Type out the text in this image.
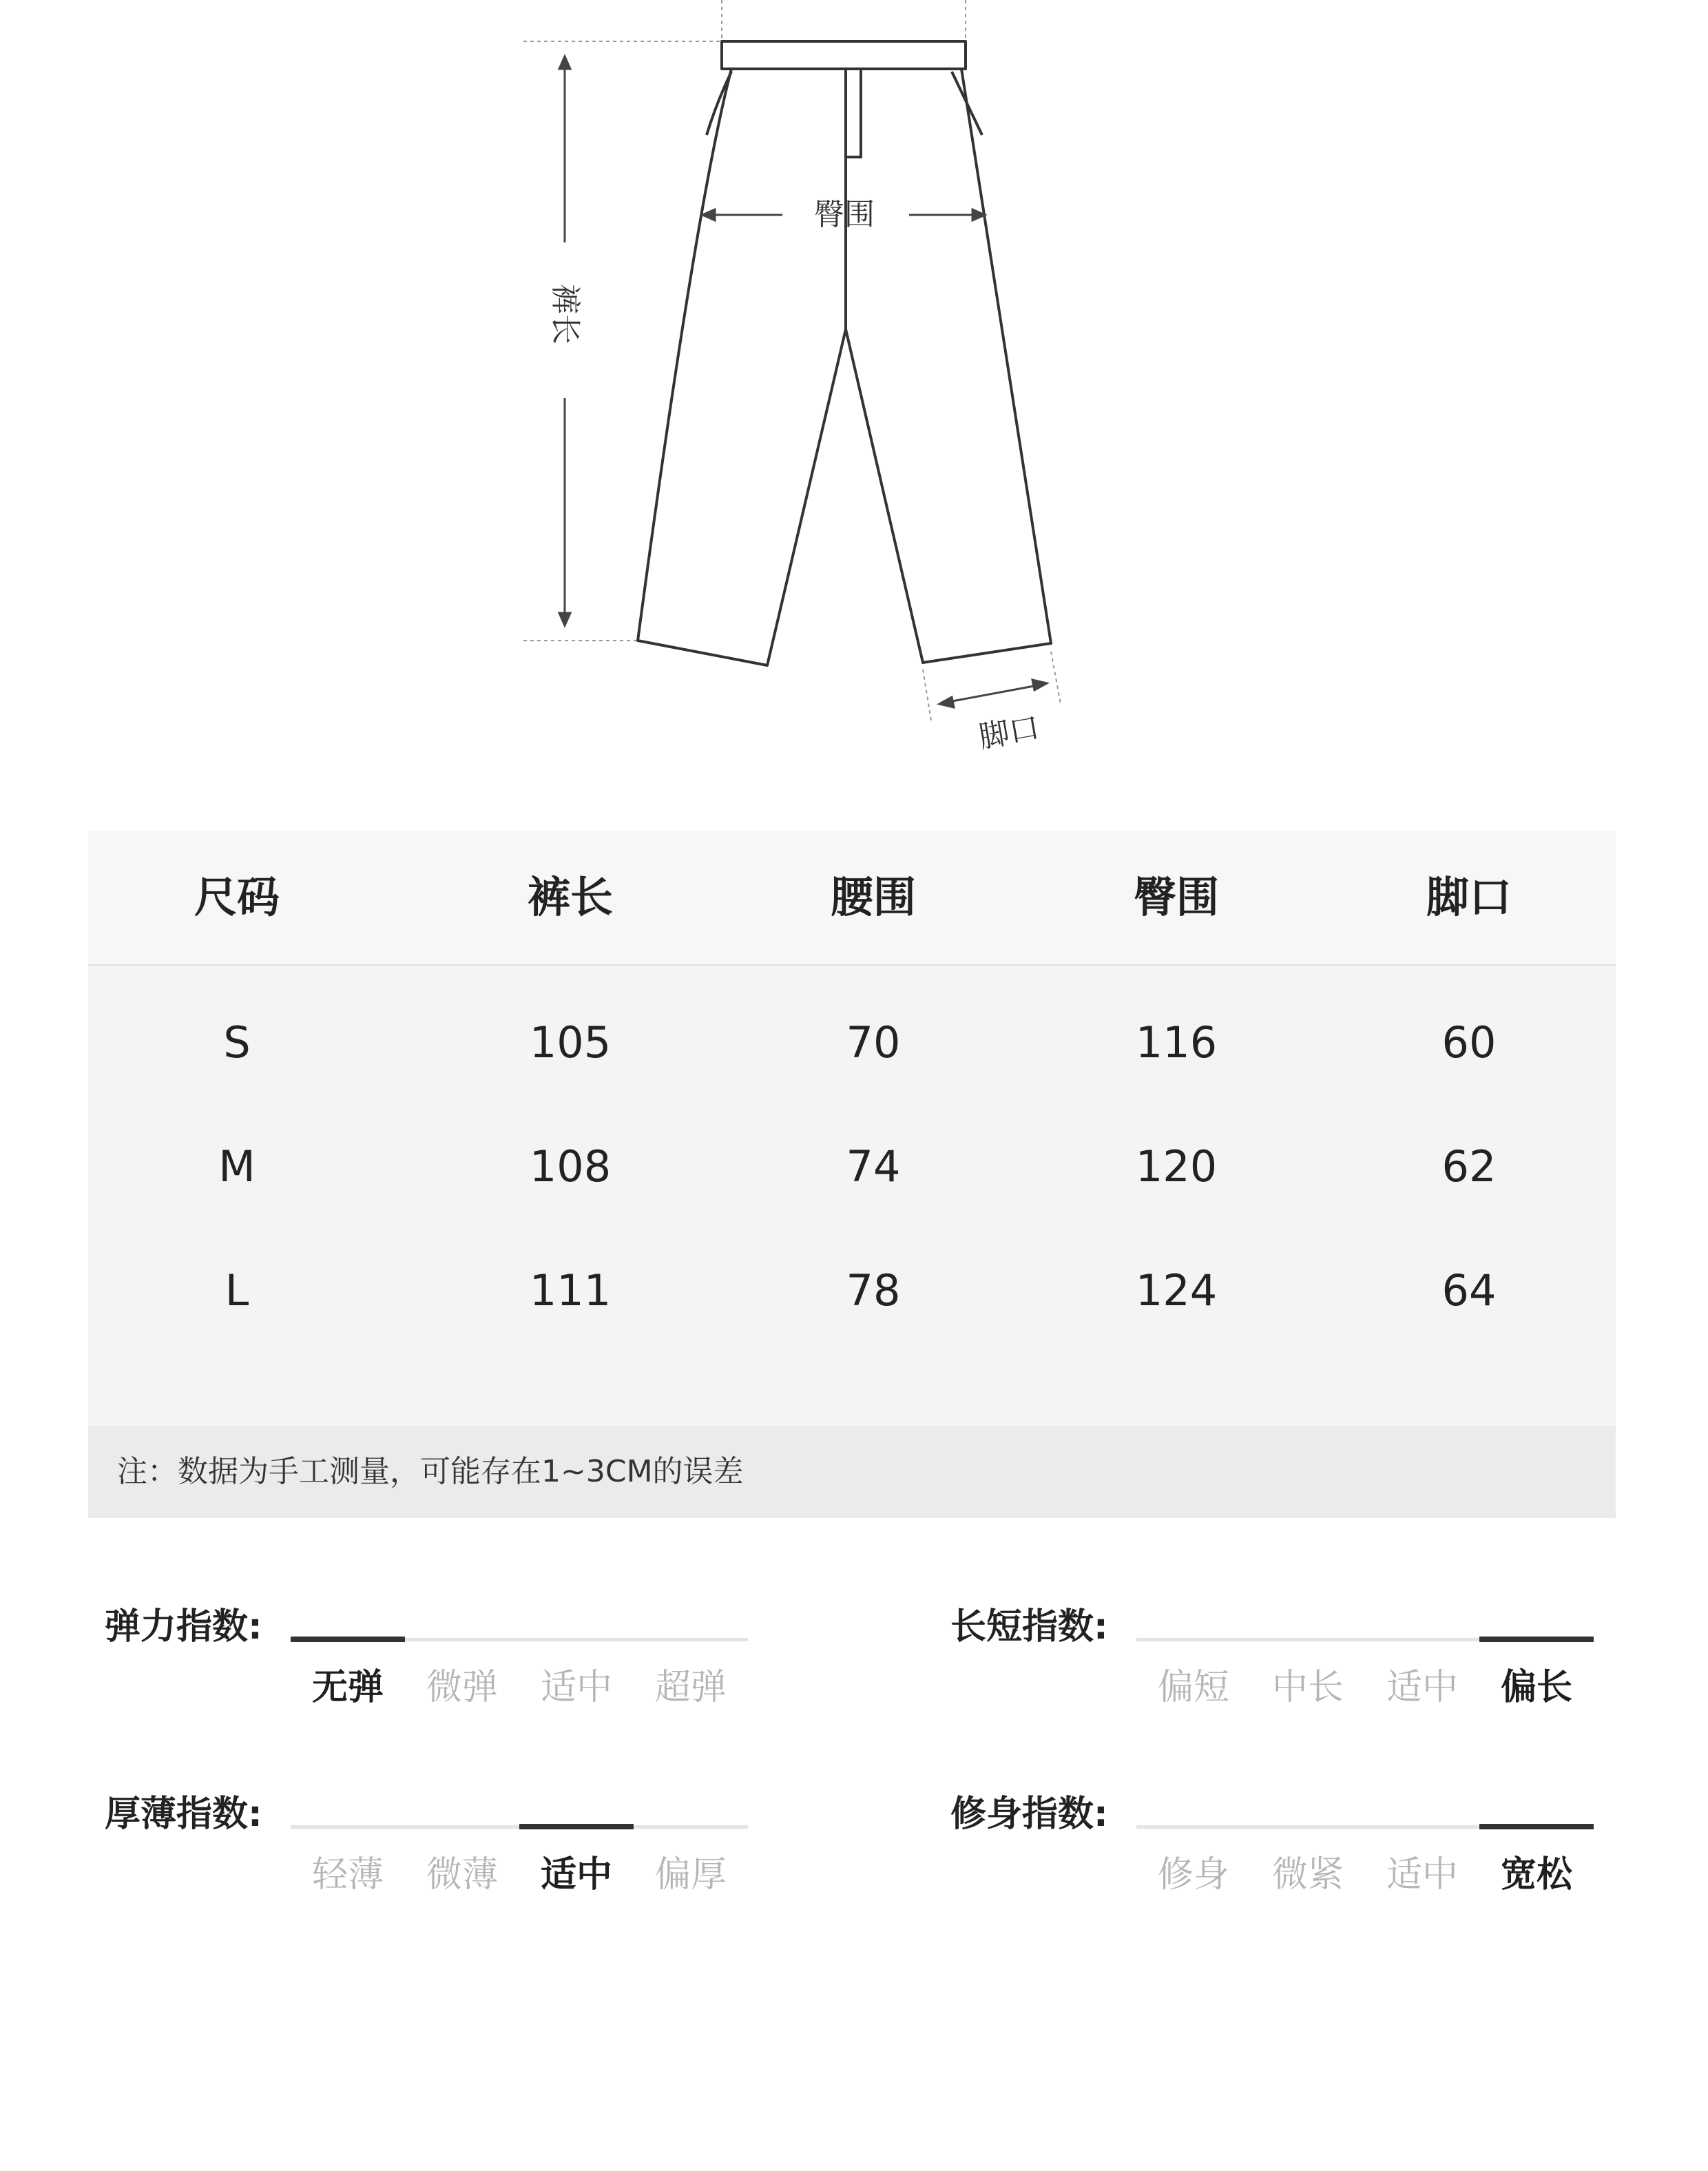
臀围
裤长
脚口
尺码	裤长	腰围	臀围	脚口
S	105	70	116	60
M	108	74	120	62
L	111	78	124	64
注：数据为手工测量，可能存在1~3CM的误差
弹力指数:
无弹	微弹	适中	超弹
长短指数:
偏短	中长	适中	偏长
厚薄指数:
轻薄	微薄	适中	偏厚
修身指数:
修身	微紧	适中	宽松
